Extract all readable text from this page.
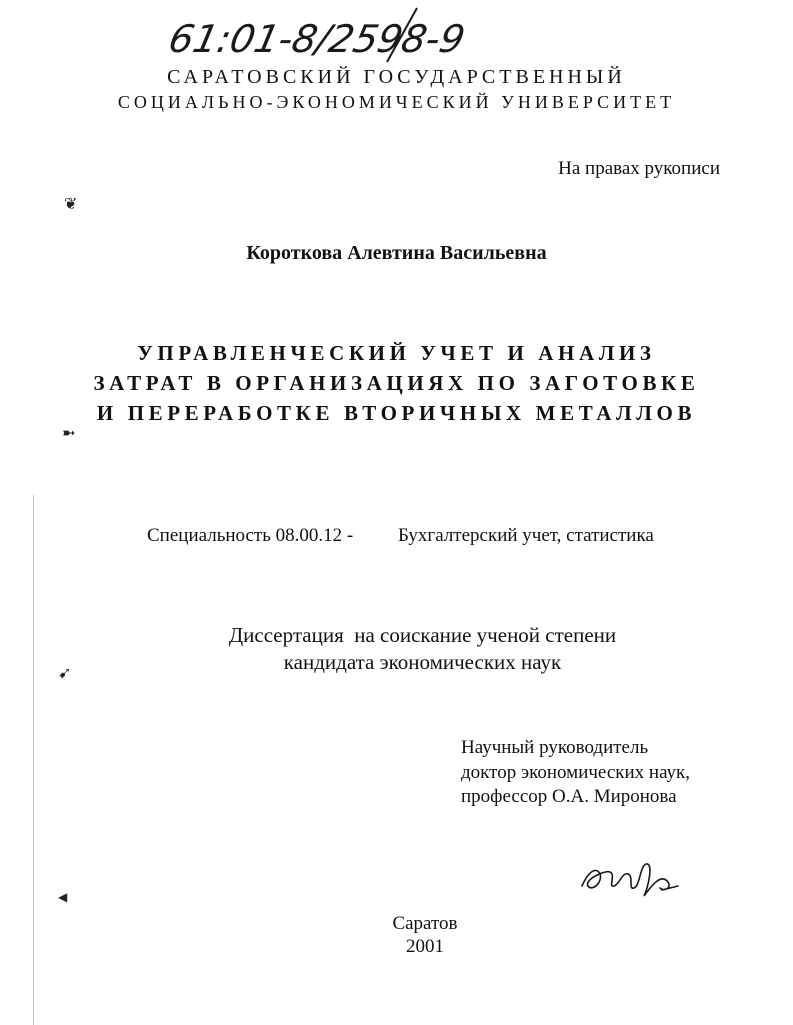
61:01-8/2598-9
САРАТОВСКИЙ ГОСУДАРСТВЕННЫЙ
СОЦИАЛЬНО-ЭКОНОМИЧЕСКИЙ УНИВЕРСИТЕТ
На правах рукописи
❦
➼
➹
◀
Короткова Алевтина Васильевна
УПРАВЛЕНЧЕСКИЙ УЧЕТ И АНАЛИЗ
ЗАТРАТ В ОРГАНИЗАЦИЯХ ПО ЗАГОТОВКЕ
И ПЕРЕРАБОТКЕ ВТОРИЧНЫХ МЕТАЛЛОВ
Специальность 08.00.12 - Бухгалтерский учет, статистика
Диссертация  на соискание ученой степени
кандидата экономических наук
Научный руководитель
доктор экономических наук,
профессор О.А. Миронова
Саратов
2001
